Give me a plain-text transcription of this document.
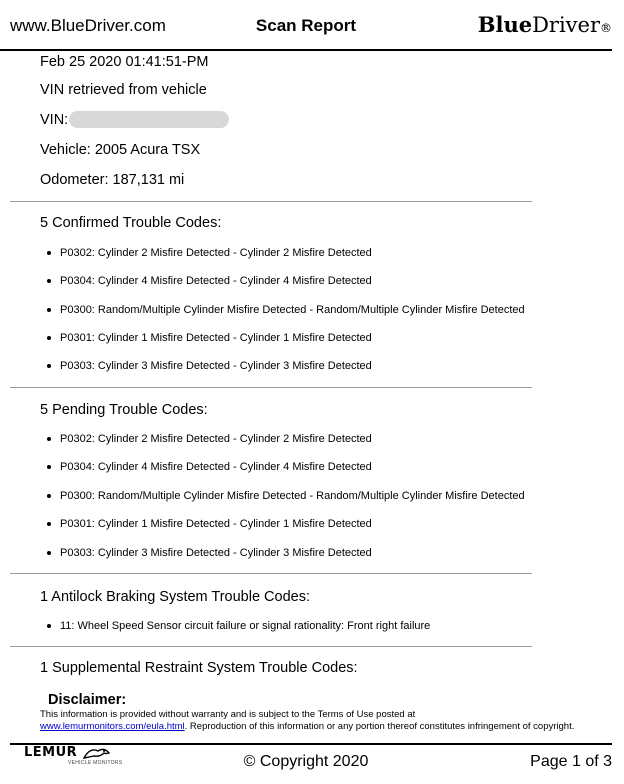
www.BlueDriver.com	Scan Report	BlueDriver®
Feb 25 2020 01:41:51-PM
VIN retrieved from vehicle
VIN:
Vehicle: 2005 Acura TSX
Odometer: 187,131 mi
5 Confirmed Trouble Codes:
P0302: Cylinder 2 Misfire Detected - Cylinder 2 Misfire Detected
P0304: Cylinder 4 Misfire Detected - Cylinder 4 Misfire Detected
P0300: Random/Multiple Cylinder Misfire Detected - Random/Multiple Cylinder Misfire Detected
P0301: Cylinder 1 Misfire Detected - Cylinder 1 Misfire Detected
P0303: Cylinder 3 Misfire Detected - Cylinder 3 Misfire Detected
5 Pending Trouble Codes:
P0302: Cylinder 2 Misfire Detected - Cylinder 2 Misfire Detected
P0304: Cylinder 4 Misfire Detected - Cylinder 4 Misfire Detected
P0300: Random/Multiple Cylinder Misfire Detected - Random/Multiple Cylinder Misfire Detected
P0301: Cylinder 1 Misfire Detected - Cylinder 1 Misfire Detected
P0303: Cylinder 3 Misfire Detected - Cylinder 3 Misfire Detected
1 Antilock Braking System Trouble Codes:
11: Wheel Speed Sensor circuit failure or signal rationality: Front right failure
1 Supplemental Restraint System Trouble Codes:
Disclaimer:
This information is provided without warranty and is subject to the Terms of Use posted at
www.lemurmonitors.com/eula.html. Reproduction of this information or any portion thereof constitutes infringement of copyright.
LEMUR
VEHICLE MONITORS	© Copyright 2020	Page 1 of 3
